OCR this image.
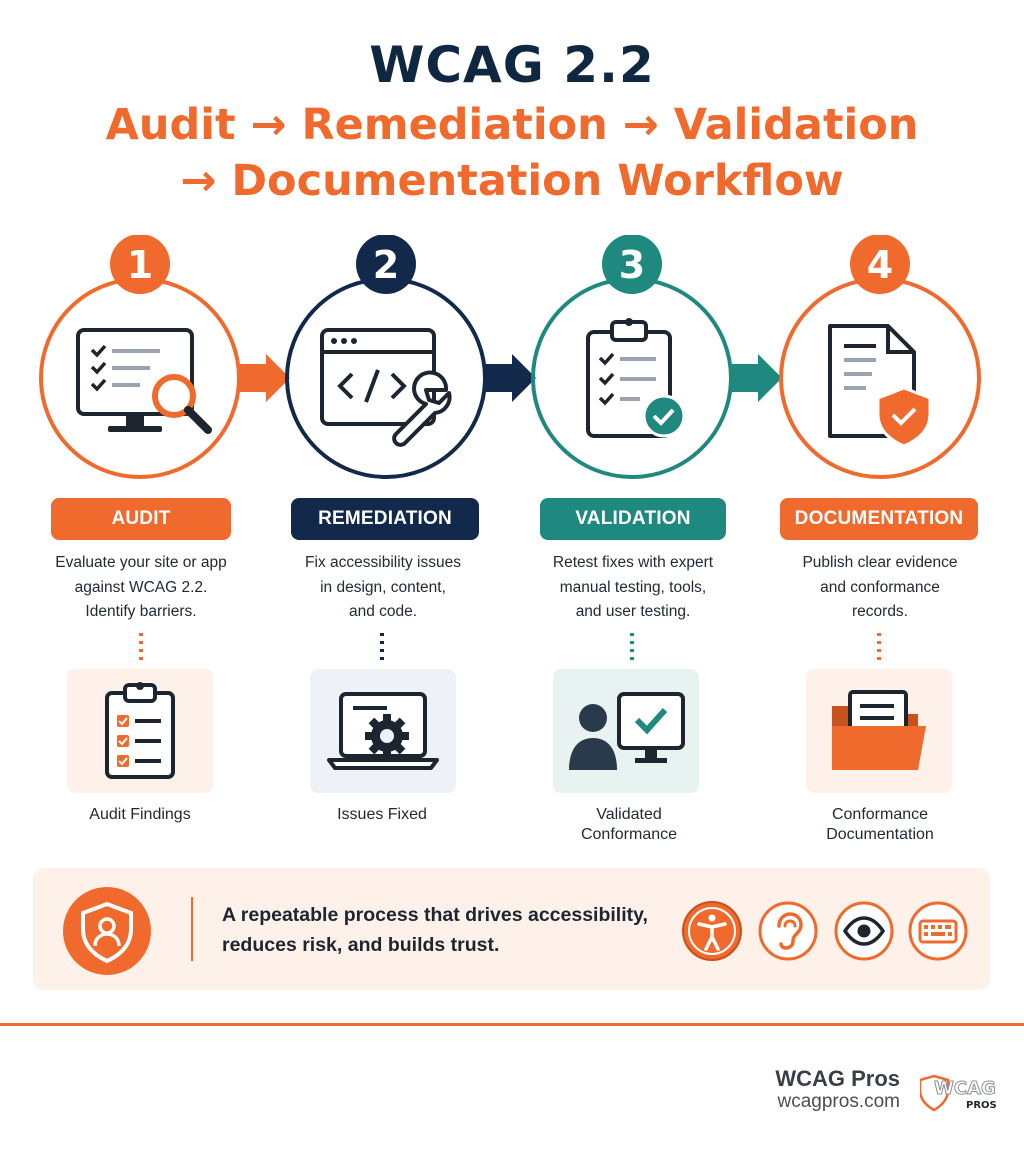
WCAG 2.2
Audit → Remediation → Validation
→ Documentation Workflow
1	2	3	4
AUDIT	REMEDIATION	VALIDATION	DOCUMENTATION
Evaluate your site or app
against WCAG 2.2.
Identify barriers.
Fix accessibility issues
in design, content,
and code.
Retest fixes with expert
manual testing, tools,
and user testing.
Publish clear evidence
and conformance
records.
Audit Findings	Issues Fixed	Validated
Conformance
Conformance
Documentation
A repeatable process that drives accessibility,
reduces risk, and builds trust.
WCAG Pros
wcagpros.com
WCAG
PROS
